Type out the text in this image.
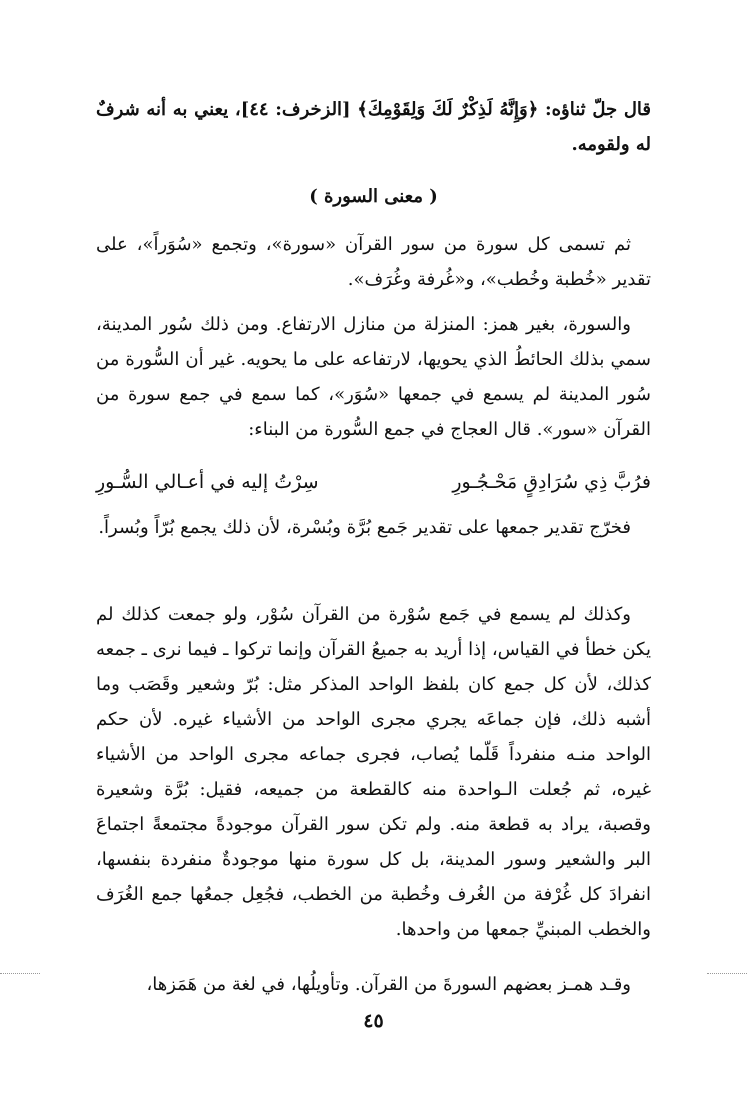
قال جلّ ثناؤه: ﴿وَإِنَّهُ لَذِكْرٌ لَكَ وَلِقَوْمِكَ﴾ [الزخرف: ٤٤]، يعني به أنه شرفٌ له ولقومه.

( معنى السورة )

ثم تسمى كل سورة من سور القرآن «سورة»، وتجمع «سُوَراً»، على تقدير «خُطبة وخُطب»، و«غُرفة وغُرَف».

والسورة، بغير همز: المنزلة من منازل الارتفاع. ومن ذلك سُور المدينة، سمي بذلك الحائطُ الذي يحويها، لارتفاعه على ما يحويه. غير أن السُّورة من سُور المدينة لم يسمع في جمعها «سُوَر»، كما سمع في جمع سورة من القرآن «سور». قال العجاج في جمع السُّورة من البناء:

فرُبَّ ذِي سُرَادِقٍ مَحْـجُـورِ
سِرْتُ إليه في أعـالي السُّـورِ

فخرّج تقدير جمعها على تقدير جَمع بُرَّة وبُسْرة، لأن ذلك يجمع بُرّاً وبُسراً.

وكذلك لم يسمع في جَمع سُوْرة من القرآن سُوْر، ولو جمعت كذلك لم يكن خطأ في القياس، إذا أريد به جميعُ القرآن وإنما تركوا ـ فيما نرى ـ جمعه كذلك، لأن كل جمع كان بلفظ الواحد المذكر مثل: بُرّ وشعير وقَصَب وما أشبه ذلك، فإن جماعَه يجري مجرى الواحد من الأشياء غيره. لأن حكم الواحد منـه منفرداً قَلّما يُصاب، فجرى جماعه مجرى الواحد من الأشياء غيره، ثم جُعلت الـواحدة منه كالقطعة من جميعه، فقيل: بُرَّة وشعيرة وقصبة، يراد به قطعة منه. ولم تكن سور القرآن موجودةً مجتمعةً اجتماعَ البر والشعير وسور المدينة، بل كل سورة منها موجودةٌ منفردة بنفسها، انفرادَ كل غُرْفة من الغُرف وخُطبة من الخطب، فجُعِل جمعُها جمع الغُرَف والخطب المبنيِّ جمعها من واحدها.

وقـد همـز بعضهم السورةَ من القرآن. وتأويلُها، في لغة من هَمَزها،

٤٥
